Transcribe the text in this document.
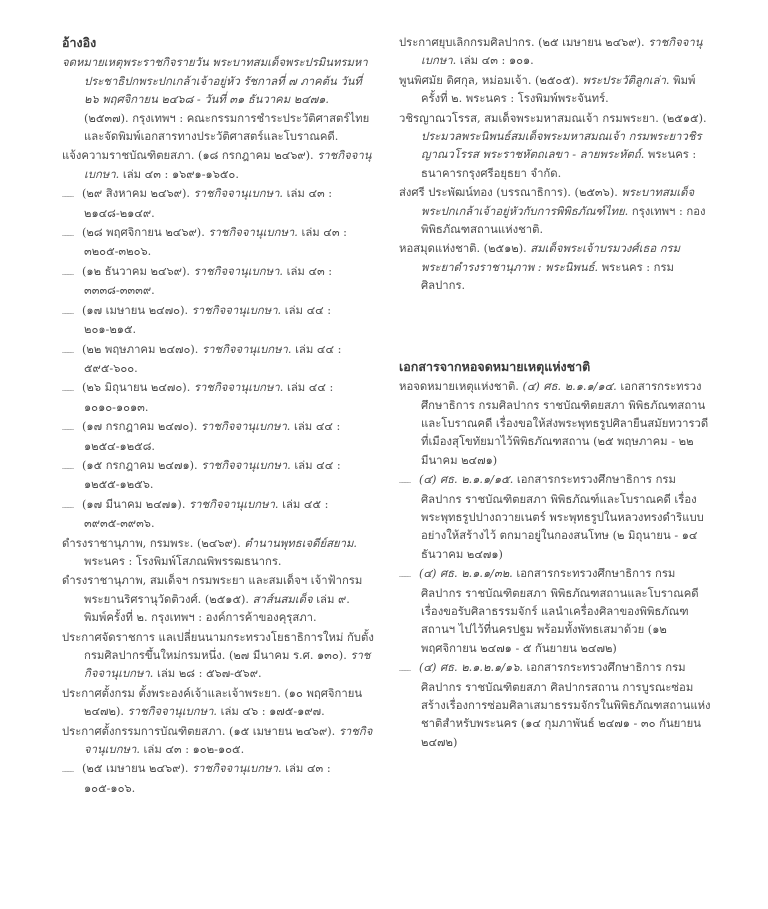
อ้างอิง
จดหมายเหตุพระราชกิจรายวัน พระบาทสมเด็จพระปรมินทรมหาประชาธิปกพระปกเกล้าเจ้าอยู่หัว รัชกาลที่ ๗ ภาคต้น วันที่ ๒๖ พฤศจิกายน ๒๔๖๘ - วันที่ ๓๑ ธันวาคม ๒๔๗๑. (๒๕๓๗). กรุงเทพฯ : คณะกรรมการชำระประวัติศาสตร์ไทยและจัดพิมพ์เอกสารทางประวัติศาสตร์และโบราณคดี.
แจ้งความราชบัณฑิตยสภา. (๑๘ กรกฎาคม ๒๔๖๙). ราชกิจจานุเบกษา. เล่ม ๔๓ : ๑๖๙๑-๑๖๕๐.
____(๒๙ สิงหาคม ๒๔๖๙). ราชกิจจานุเบกษา. เล่ม ๔๓ : ๒๑๔๘-๒๑๔๙.
____(๒๘ พฤศจิกายน ๒๔๖๙). ราชกิจจานุเบกษา. เล่ม ๔๓ : ๓๒๐๕-๓๒๐๖.
____(๑๒ ธันวาคม ๒๔๖๙). ราชกิจจานุเบกษา. เล่ม ๔๓ : ๓๓๓๘-๓๓๓๙.
____(๑๗ เมษายน ๒๔๗๐). ราชกิจจานุเบกษา. เล่ม ๔๔ : ๒๐๑-๒๑๕.
____(๒๒ พฤษภาคม ๒๔๗๐). ราชกิจจานุเบกษา. เล่ม ๔๔ : ๕๙๕-๖๐๐.
____(๒๖ มิถุนายน ๒๔๗๐). ราชกิจจานุเบกษา. เล่ม ๔๔ : ๑๐๑๐-๑๐๑๓.
____(๑๗ กรกฎาคม ๒๔๗๐). ราชกิจจานุเบกษา. เล่ม ๔๔ : ๑๒๕๔-๑๒๕๘.
____(๑๕ กรกฎาคม ๒๔๗๑). ราชกิจจานุเบกษา. เล่ม ๔๔ : ๑๒๕๕-๑๒๕๖.
____(๑๗ มีนาคม ๒๔๗๑). ราชกิจจานุเบกษา. เล่ม ๔๕ : ๓๙๓๕-๓๙๓๖.
ดำรงราชานุภาพ, กรมพระ. (๒๔๖๙). ตำนานพุทธเจดีย์สยาม. พระนคร : โรงพิมพ์โสภณพิพรรฒธนากร.
ดำรงราชานุภาพ, สมเด็จฯ กรมพระยา และสมเด็จฯ เจ้าฟ้ากรมพระยานริศรานุวัดติวงศ์. (๒๕๑๕). สาส์นสมเด็จ เล่ม ๙. พิมพ์ครั้งที่ ๒. กรุงเทพฯ : องค์การค้าของคุรุสภา.
ประกาศจัดราชการ แลเปลี่ยนนามกระทรวงโยธาธิการใหม่ กับตั้งกรมศิลปากรขึ้นใหม่กรมหนึ่ง. (๒๗ มีนาคม ร.ศ. ๑๓๐). ราชกิจจานุเบกษา. เล่ม ๒๘ : ๕๖๗-๕๖๙.
ประกาศตั้งกรม ตั้งพระองค์เจ้าและเจ้าพระยา. (๑๐ พฤศจิกายน ๒๔๗๒). ราชกิจจานุเบกษา. เล่ม ๔๖ : ๑๗๕-๑๙๗.
ประกาศตั้งกรรมการบัณฑิตยสภา. (๑๕ เมษายน ๒๔๖๙). ราชกิจจานุเบกษา. เล่ม ๔๓ : ๑๐๒-๑๐๕.
____(๒๕ เมษายน ๒๔๖๙). ราชกิจจานุเบกษา. เล่ม ๔๓ : ๑๐๕-๑๐๖.
ประกาศยุบเลิกกรมศิลปากร. (๒๕ เมษายน ๒๔๖๙). ราชกิจจานุเบกษา. เล่ม ๔๓ : ๑๐๑.
พูนพิศมัย ดิศกุล, หม่อมเจ้า. (๒๕๐๕). พระประวัติลูกเล่า. พิมพ์ครั้งที่ ๒. พระนคร : โรงพิมพ์พระจันทร์.
วชิรญาณวโรรส, สมเด็จพระมหาสมณเจ้า กรมพระยา. (๒๕๑๕). ประมวลพระนิพนธ์สมเด็จพระมหาสมณเจ้า กรมพระยาวชิรญาณวโรรส พระราชหัตถเลขา - ลายพระหัตถ์. พระนคร : ธนาคารกรุงศรีอยุธยา จำกัด.
ส่งศรี ประพัฒน์ทอง (บรรณาธิการ). (๒๕๓๖). พระบาทสมเด็จพระปกเกล้าเจ้าอยู่หัวกับการพิพิธภัณฑ์ไทย. กรุงเทพฯ : กองพิพิธภัณฑสถานแห่งชาติ.
หอสมุดแห่งชาติ. (๒๕๑๒). สมเด็จพระเจ้าบรมวงศ์เธอ กรมพระยาดำรงราชานุภาพ : พระนิพนธ์. พระนคร : กรมศิลปากร.
เอกสารจากหอจดหมายเหตุแห่งชาติ
หอจดหมายเหตุแห่งชาติ. (๔) ศธ. ๒.๑.๑/๑๔. เอกสารกระทรวงศึกษาธิการ กรมศิลปากร ราชบัณฑิตยสภา พิพิธภัณฑสถานและโบราณคดี เรื่องขอให้ส่งพระพุทธรูปศิลายืนสมัยทวารวดีที่เมืองสุโขทัยมาไว้พิพิธภัณฑสถาน (๒๕ พฤษภาคม - ๒๒ มีนาคม ๒๔๗๑)
____(๔) ศธ. ๒.๑.๑/๑๕. เอกสารกระทรวงศึกษาธิการ กรมศิลปากร ราชบัณฑิตยสภา พิพิธภัณฑ์และโบราณคดี เรื่องพระพุทธรูปปางถวายเนตร์ พระพุทธรูปในหลวงทรงดำริแบบอย่างให้สร้างไว้ ตกมาอยู่ในกองสนโทษ (๒ มิถุนายน - ๑๔ ธันวาคม ๒๔๗๑)
____(๔) ศธ. ๒.๑.๑/๓๒. เอกสารกระทรวงศึกษาธิการ กรมศิลปากร ราชบัณฑิตยสภา พิพิธภัณฑสถานและโบราณคดี เรื่องขอรับศิลาธรรมจักร์ แลนำเครื่องศิลาของพิพิธภัณฑสถานฯ ไปไว้ที่นครปฐม พร้อมทั้งพัทธเสมาด้วย (๑๒ พฤศจิกายน ๒๔๗๑ - ๕ กันยายน ๒๔๗๒)
____(๔) ศธ. ๒.๑.๒.๑/๑๖. เอกสารกระทรวงศึกษาธิการ กรมศิลปากร ราชบัณฑิตยสภา ศิลปากรสถาน การบูรณะซ่อมสร้างเรื่องการซ่อมศิลาเสมาธรรมจักรในพิพิธภัณฑสถานแห่งชาติสำหรับพระนคร (๑๔ กุมภาพันธ์ ๒๔๗๑ - ๓๐ กันยายน ๒๔๗๒)
